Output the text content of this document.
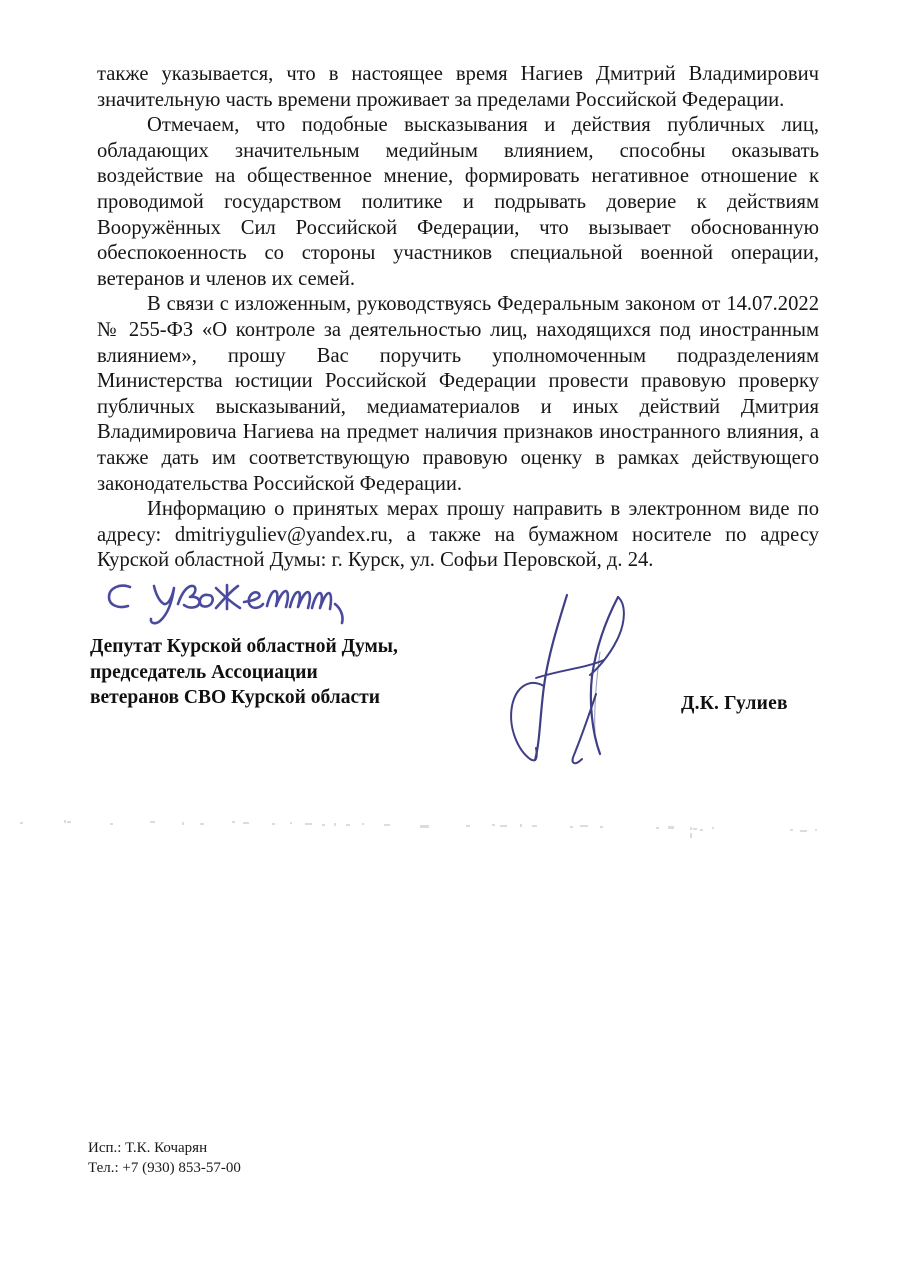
также указывается, что в настоящее время Нагиев Дмитрий Владимирович значительную часть времени проживает за пределами Российской Федерации.

Отмечаем, что подобные высказывания и действия публичных лиц, обладающих значительным медийным влиянием, способны оказывать воздействие на общественное мнение, формировать негативное отношение к проводимой государством политике и подрывать доверие к действиям Вооружённых Сил Российской Федерации, что вызывает обоснованную обеспокоенность со стороны участников специальной военной операции, ветеранов и членов их семей.

В связи с изложенным, руководствуясь Федеральным законом от 14.07.2022 № 255-ФЗ «О контроле за деятельностью лиц, находящихся под иностранным влиянием», прошу Вас поручить уполномоченным подразделениям Министерства юстиции Российской Федерации провести правовую проверку публичных высказываний, медиаматериалов и иных действий Дмитрия Владимировича Нагиева на предмет наличия признаков иностранного влияния, а также дать им соответствующую правовую оценку в рамках действующего законодательства Российской Федерации.

Информацию о принятых мерах прошу направить в электронном виде по адресу: dmitriyguliev@yandex.ru, а также на бумажном носителе по адресу Курской областной Думы: г. Курск, ул. Софьи Перовской, д. 24.

Депутат Курской областной Думы,
председатель Ассоциации
ветеранов СВО Курской области	Д.К. Гулиев
Исп.: Т.К. Кочарян
Тел.: +7 (930) 853-57-00
